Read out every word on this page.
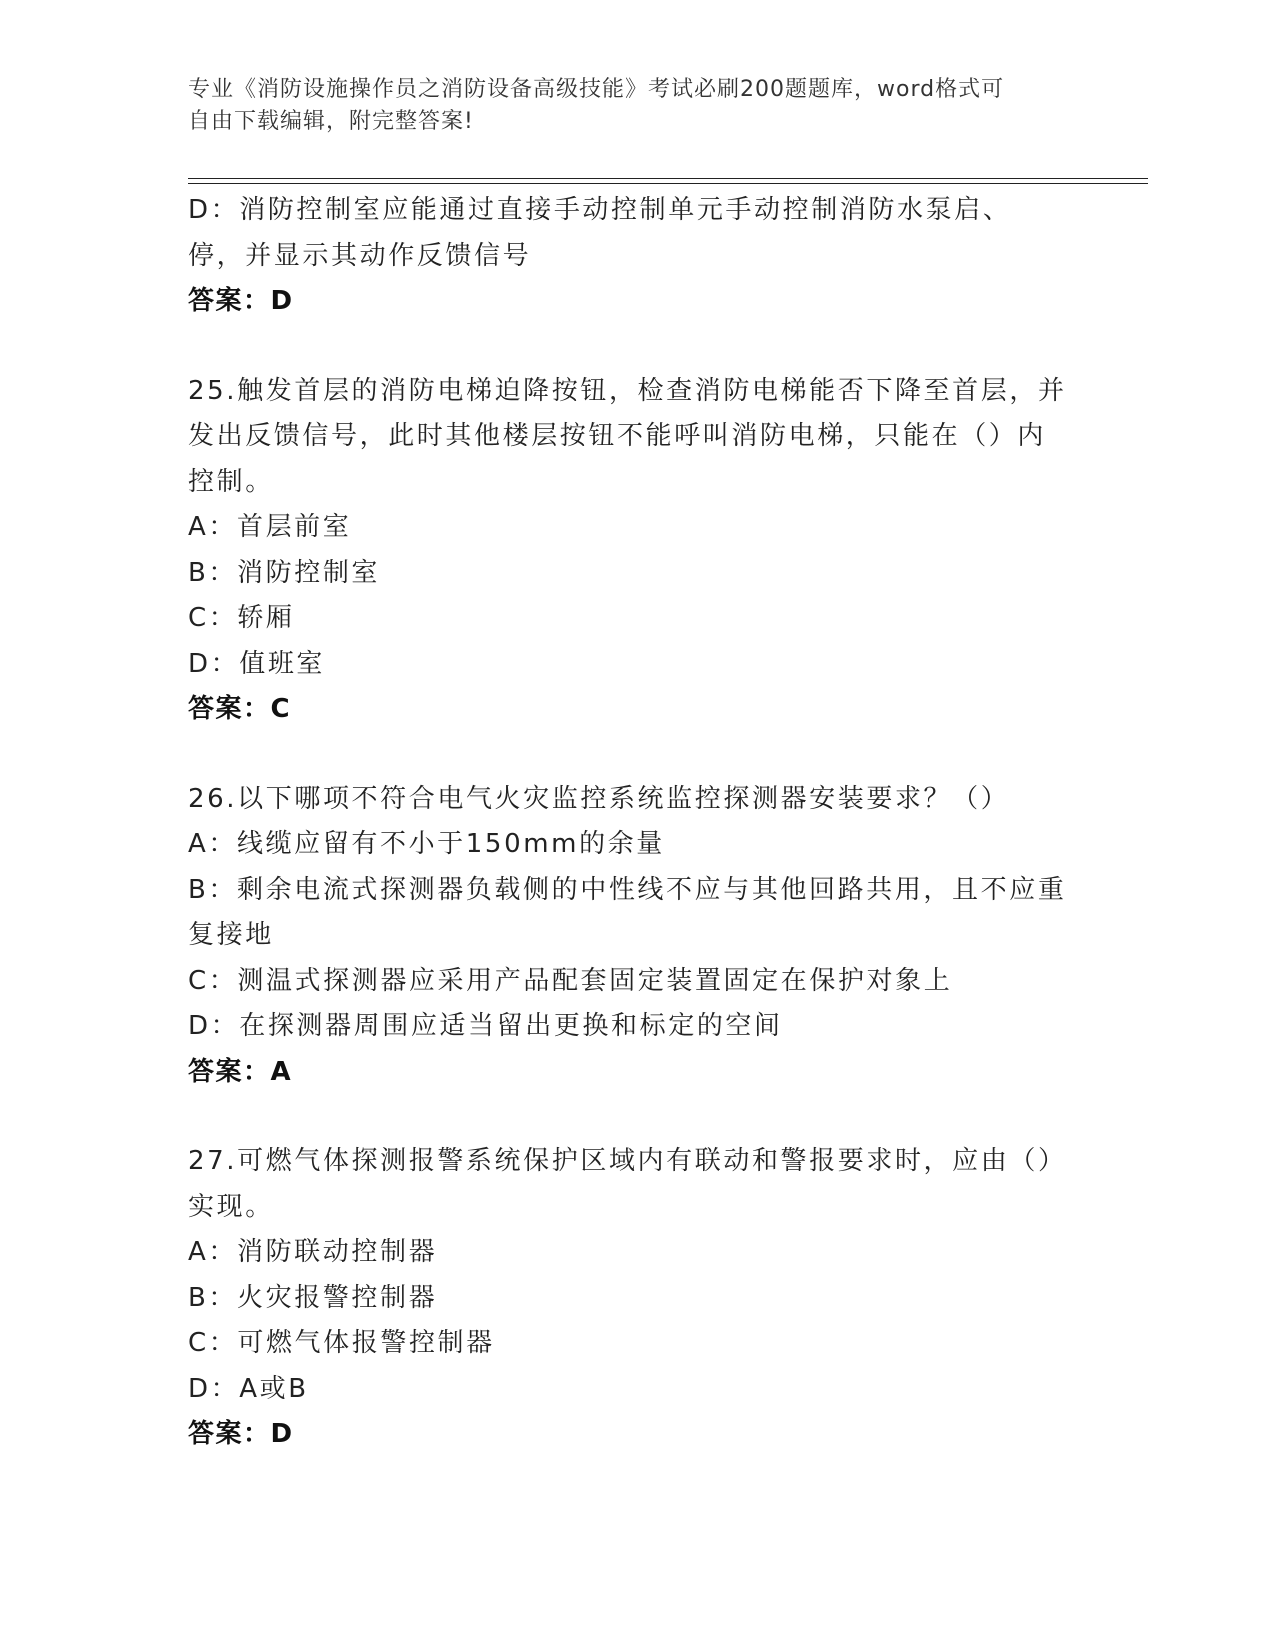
专业《消防设施操作员之消防设备高级技能》考试必刷200题题库，word格式可
自由下载编辑，附完整答案!
D：消防控制室应能通过直接手动控制单元手动控制消防水泵启、停，并显示其动作反馈信号
答案：D
25.触发首层的消防电梯迫降按钮，检查消防电梯能否下降至首层，并发出反馈信号，此时其他楼层按钮不能呼叫消防电梯，只能在（）内控制。
A：首层前室
B：消防控制室
C：轿厢
D：值班室
答案：C
26.以下哪项不符合电气火灾监控系统监控探测器安装要求？（）
A：线缆应留有不小于150mm的余量
B：剩余电流式探测器负载侧的中性线不应与其他回路共用，且不应重复接地
C：测温式探测器应采用产品配套固定装置固定在保护对象上
D：在探测器周围应适当留出更换和标定的空间
答案：A
27.可燃气体探测报警系统保护区域内有联动和警报要求时，应由（）实现。
A：消防联动控制器
B：火灾报警控制器
C：可燃气体报警控制器
D：A或B
答案：D
